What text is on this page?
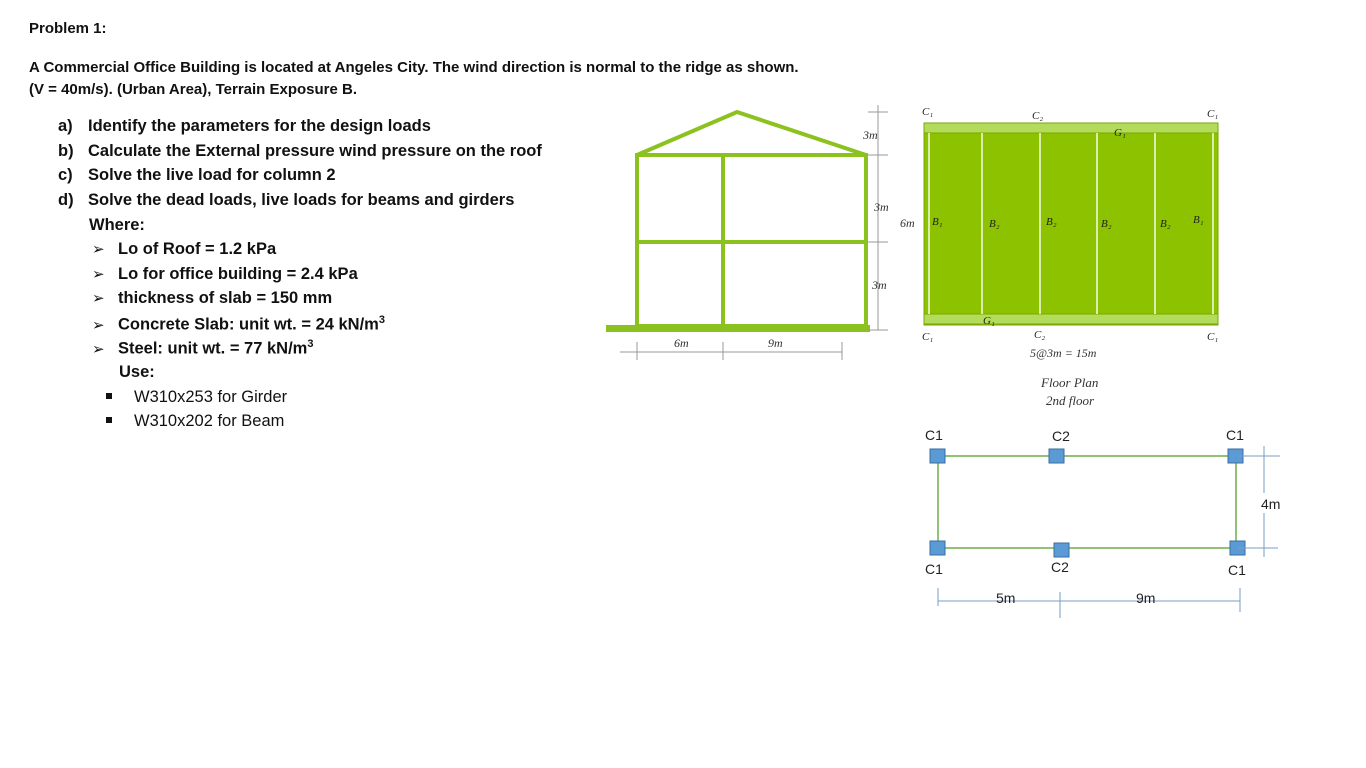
Problem 1:
A Commercial Office Building is located at Angeles City. The wind direction is normal to the ridge as shown.
(V = 40m/s). (Urban Area), Terrain Exposure B.
a) Identify the parameters for the design loads
b) Calculate the External pressure wind pressure on the roof
c) Solve the live load for column 2
d) Solve the dead loads, live loads for beams and girders
Where:
➢ Lo of Roof = 1.2 kPa
➢ Lo for office building = 2.4 kPa
➢ thickness of slab = 150 mm
➢ Concrete Slab: unit wt. = 24 $kN/m^3$
➢ Steel: unit wt. = 77 $kN/m^3$
Use:
W310x253 for Girder
W310x202 for Beam
3m
3m
3m
6m	9m
C₁	C₂	C₁
G₁
B₁	B₂	B₂	B₂	B₂ B₁
G₁
C₁	C₂	C₁
6m
5@3m = 15m
Floor Plan
2nd floor
C1	C2	C1
C1	C2	C1
4m
5m	9m
